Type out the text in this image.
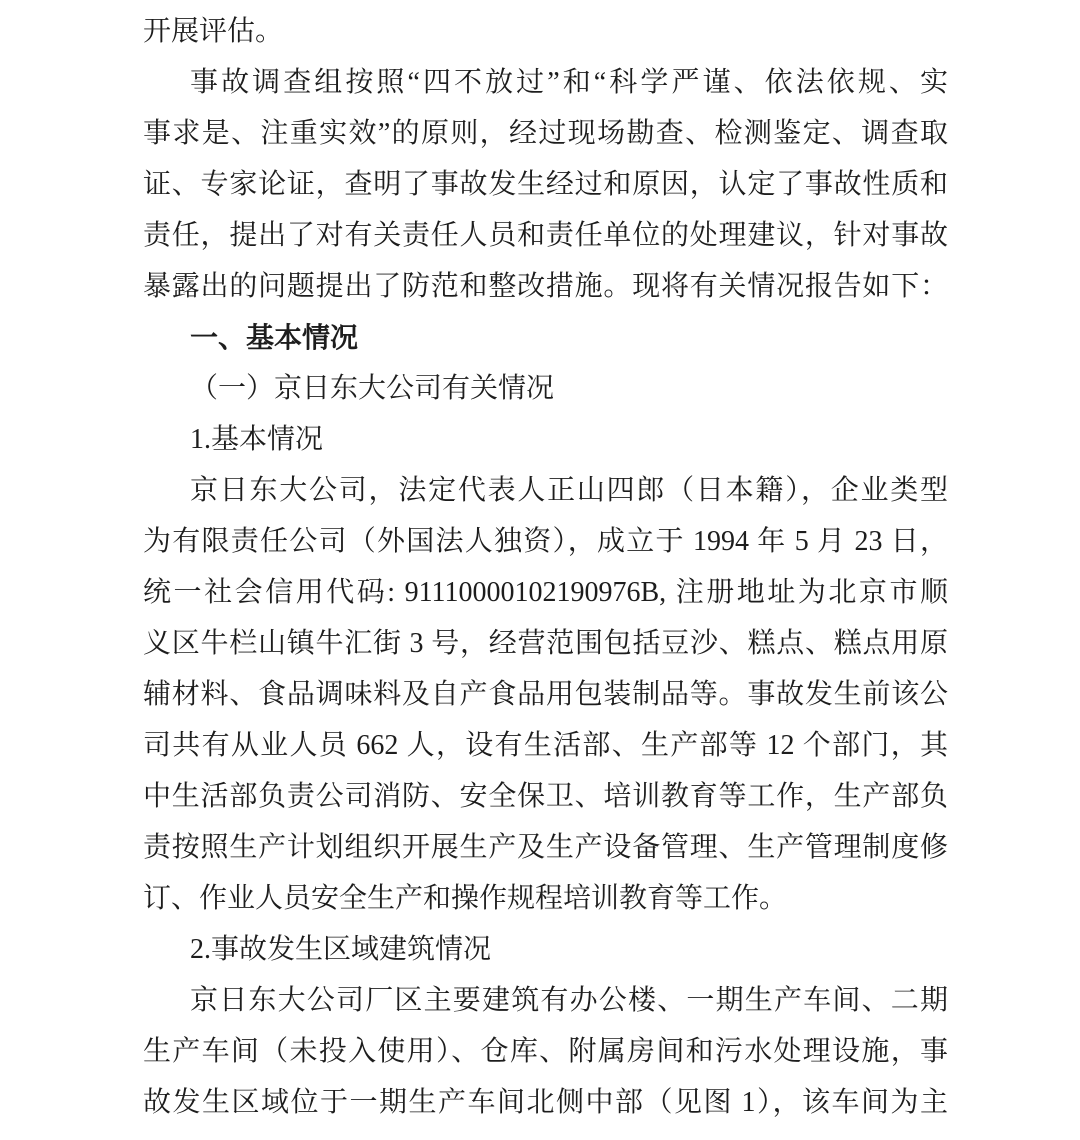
开展评估。
事故调查组按照“四不放过”和“科学严谨、依法依规、实
事求是、注重实效”的原则，经过现场勘查、检测鉴定、调查取
证、专家论证，查明了事故发生经过和原因，认定了事故性质和
责任，提出了对有关责任人员和责任单位的处理建议，针对事故
暴露出的问题提出了防范和整改措施。现将有关情况报告如下：
一、基本情况
（一）京日东大公司有关情况
1.基本情况
京日东大公司，法定代表人正山四郎（日本籍），企业类型
为有限责任公司（外国法人独资），成立于 1994 年 5 月 23 日，
统一社会信用代码: 91110000102190976B, 注册地址为北京市顺
义区牛栏山镇牛汇街 3 号，经营范围包括豆沙、糕点、糕点用原
辅材料、食品调味料及自产食品用包装制品等。事故发生前该公
司共有从业人员 662 人，设有生活部、生产部等 12 个部门，其
中生活部负责公司消防、安全保卫、培训教育等工作，生产部负
责按照生产计划组织开展生产及生产设备管理、生产管理制度修
订、作业人员安全生产和操作规程培训教育等工作。
2.事故发生区域建筑情况
京日东大公司厂区主要建筑有办公楼、一期生产车间、二期
生产车间（未投入使用）、仓库、附属房间和污水处理设施，事
故发生区域位于一期生产车间北侧中部（见图 1），该车间为主
